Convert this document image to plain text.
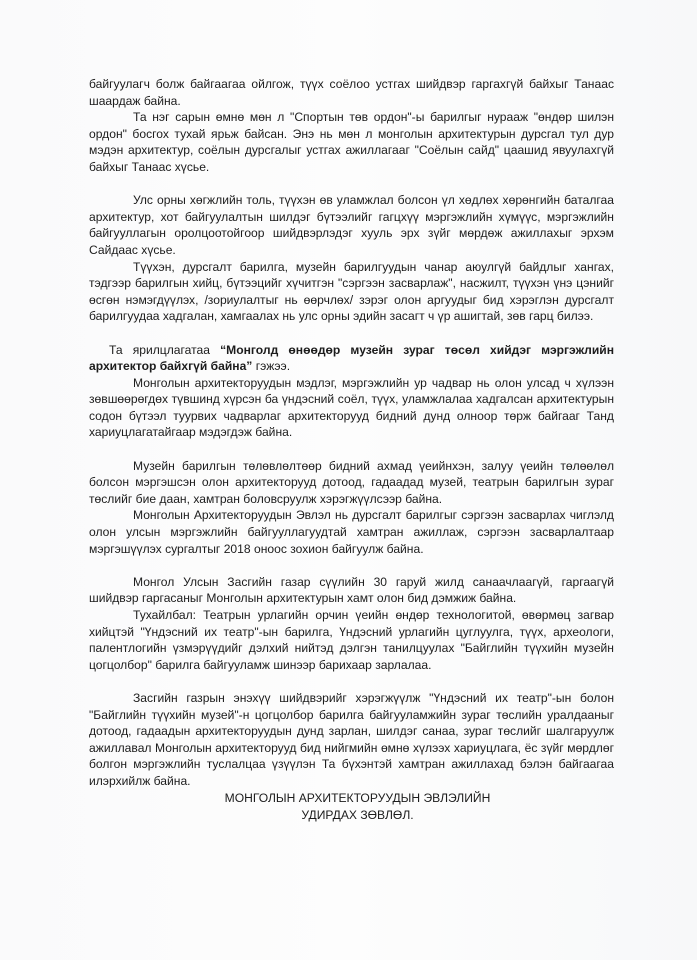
байгуулагч болж байгаагаа ойлгож, түүх соёлоо устгах шийдвэр гаргахгүй байхыг Танаас шаардаж байна.

Та нэг сарын өмнө мөн л "Спортын төв ордон"-ы барилгыг нурааж "өндөр шилэн ордон" босгох тухай ярьж байсан. Энэ нь мөн л монголын архитектурын дурсгал тул дур мэдэн архитектур, соёлын дурсгалыг устгах ажиллагааг "Соёлын сайд" цаашид явуулахгүй байхыг Танаас хүсье.

Улс орны хөгжлийн толь, түүхэн өв уламжлал болсон үл хөдлөх хөрөнгийн баталгаа архитектур, хот байгуулалтын шилдэг бүтээлийг гагцхүү мэргэжлийн хүмүүс, мэргэжлийн байгууллагын оролцоотойгоор шийдвэрлэдэг хууль эрх зүйг мөрдөж ажиллахыг эрхэм Сайдаас хүсье.

Түүхэн, дурсгалт барилга, музейн барилгуудын чанар аюулгүй байдлыг хангах, тэдгээр барилгын хийц, бүтээцийг хүчитгэн "сэргээн засварлаж", насжилт, түүхэн үнэ цэнийг өсгөн нэмэгдүүлэх, /зориулалтыг нь өөрчлөх/ зэрэг олон аргуудыг бид хэрэглэн дурсгалт барилгуудаа хадгалан, хамгаалах нь улс орны эдийн засагт ч үр ашигтай, зөв гарц билээ.

Та ярилцлагатаа “Монголд өнөөдөр музейн зураг төсөл хийдэг мэргэжлийн архитектор байхгүй байна” гэжээ.

Монголын архитекторуудын мэдлэг, мэргэжлийн ур чадвар нь олон улсад ч хүлээн зөвшөөрөгдөх түвшинд хүрсэн ба үндэсний соёл, түүх, уламжлалаа хадгалсан архитектурын содон бүтээл туурвих чадварлаг архитекторууд бидний дунд олноор төрж байгааг Танд хариуцлагатайгаар мэдэгдэж байна.

Музейн барилгын төлөвлөлтөөр бидний ахмад үеийнхэн, залуу үеийн төлөөлөл болсон мэргэшсэн олон архитекторууд дотоод, гадаадад музей, театрын барилгын зураг төслийг бие даан, хамтран боловсруулж хэрэгжүүлсээр байна.

Монголын Архитекторуудын Эвлэл нь дурсгалт барилгыг сэргээн засварлах чиглэлд олон улсын мэргэжлийн байгууллагуудтай хамтран ажиллаж, сэргээн засварлалтаар мэргэшүүлэх сургалтыг 2018 оноос зохион байгуулж байна.

Монгол Улсын Засгийн газар сүүлийн 30 гаруй жилд санаачлаагүй, гаргаагүй шийдвэр гаргасаныг Монголын архитектурын хамт олон бид дэмжиж байна.

Тухайлбал: Театрын урлагийн орчин үеийн өндөр технологитой, өвөрмөц загвар хийцтэй "Үндэсний их театр"-ын барилга, Үндэсний урлагийн цуглуулга, түүх, археологи, палентлогийн үзмэрүүдийг дэлхий нийтэд дэлгэн танилцуулах "Байглийн түүхийн музейн цогцолбор" барилга байгууламж шинээр барихаар зарлалаа.

Засгийн газрын энэхүү шийдвэрийг хэрэгжүүлж "Үндэсний их театр"-ын болон "Байглийн түүхийн музей"-н цогцолбор барилга байгууламжийн зураг төслийн уралдааныг дотоод, гадаадын архитекторуудын дунд зарлан, шилдэг санаа, зураг төслийг шалгаруулж ажиллавал Монголын архитекторууд бид нийгмийн өмнө хүлээх хариуцлага, ёс зүйг мөрдлөг болгон мэргэжлийн туслалцаа үзүүлэн Та бүхэнтэй хамтран ажиллахад бэлэн байгаагаа илэрхийлж байна.

МОНГОЛЫН АРХИТЕКТОРУУДЫН ЭВЛЭЛИЙН
УДИРДАХ ЗӨВЛӨЛ.
